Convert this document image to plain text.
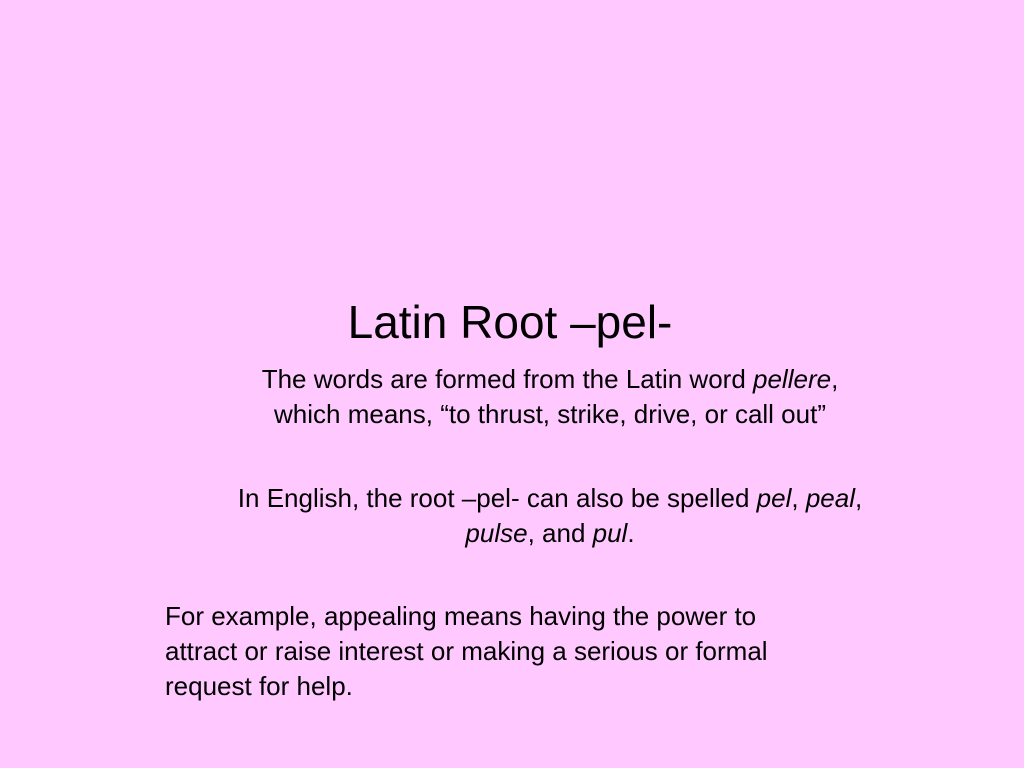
Latin Root –pel-
The words are formed from the Latin word pellere,
which means, “to thrust, strike, drive, or call out”
In English, the root –pel- can also be spelled pel, peal,
pulse, and pul.
For example, appealing means having the power to
attract or raise interest or making a serious or formal
request for help.
